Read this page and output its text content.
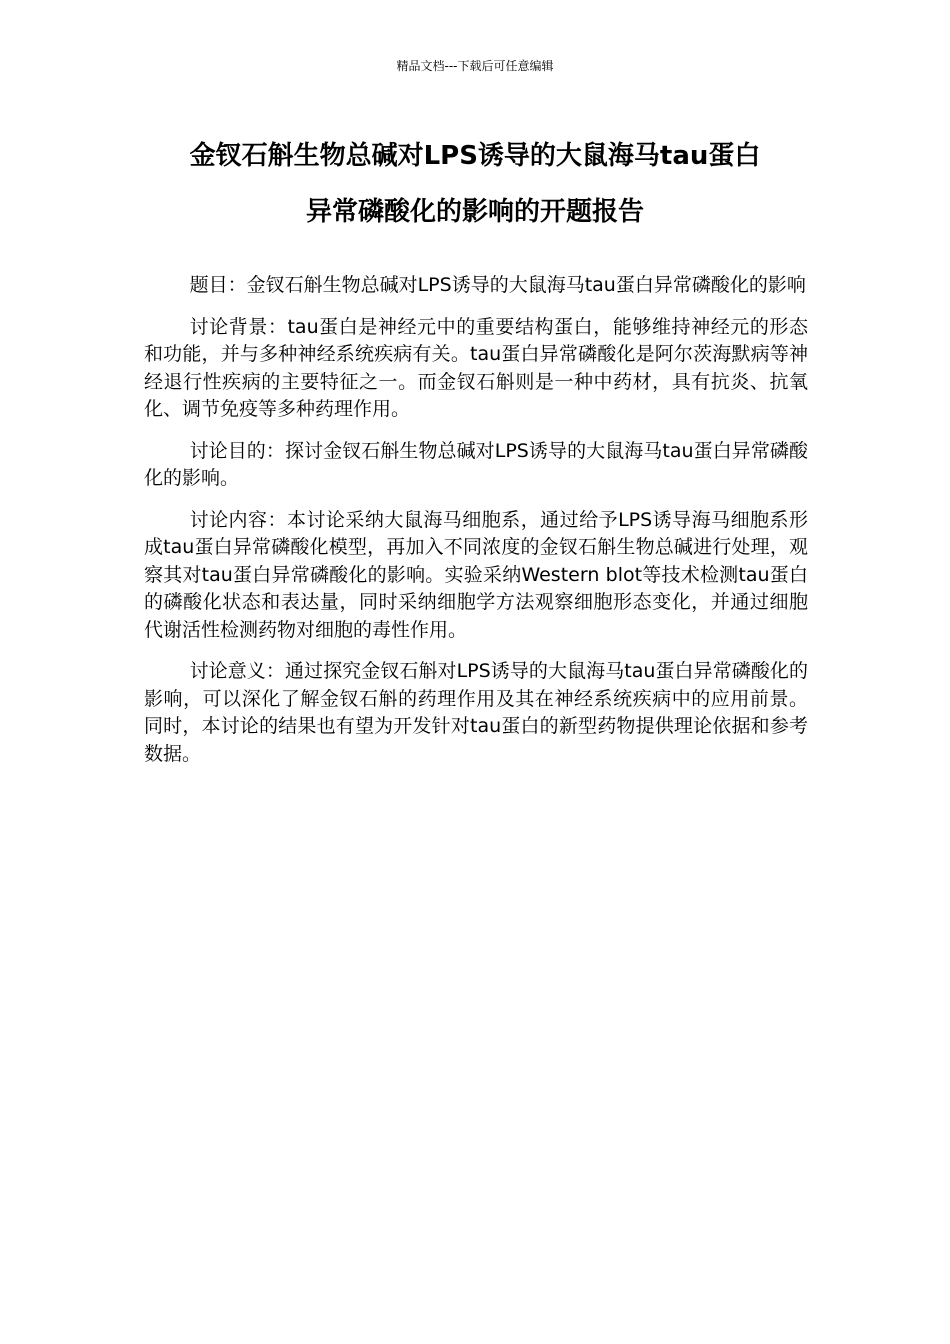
精品文档---下载后可任意编辑
金钗石斛生物总碱对LPS诱导的大鼠海马tau蛋白
异常磷酸化的影响的开题报告

题目：金钗石斛生物总碱对LPS诱导的大鼠海马tau蛋白异常磷酸化的影响

讨论背景：tau蛋白是神经元中的重要结构蛋白，能够维持神经元的形态和功能，并与多种神经系统疾病有关。tau蛋白异常磷酸化是阿尔茨海默病等神经退行性疾病的主要特征之一。而金钗石斛则是一种中药材，具有抗炎、抗氧化、调节免疫等多种药理作用。

讨论目的：探讨金钗石斛生物总碱对LPS诱导的大鼠海马tau蛋白异常磷酸化的影响。

讨论内容：本讨论采纳大鼠海马细胞系，通过给予LPS诱导海马细胞系形成tau蛋白异常磷酸化模型，再加入不同浓度的金钗石斛生物总碱进行处理，观察其对tau蛋白异常磷酸化的影响。实验采纳Western blot等技术检测tau蛋白的磷酸化状态和表达量，同时采纳细胞学方法观察细胞形态变化，并通过细胞代谢活性检测药物对细胞的毒性作用。

讨论意义：通过探究金钗石斛对LPS诱导的大鼠海马tau蛋白异常磷酸化的影响，可以深化了解金钗石斛的药理作用及其在神经系统疾病中的应用前景。同时，本讨论的结果也有望为开发针对tau蛋白的新型药物提供理论依据和参考数据。
